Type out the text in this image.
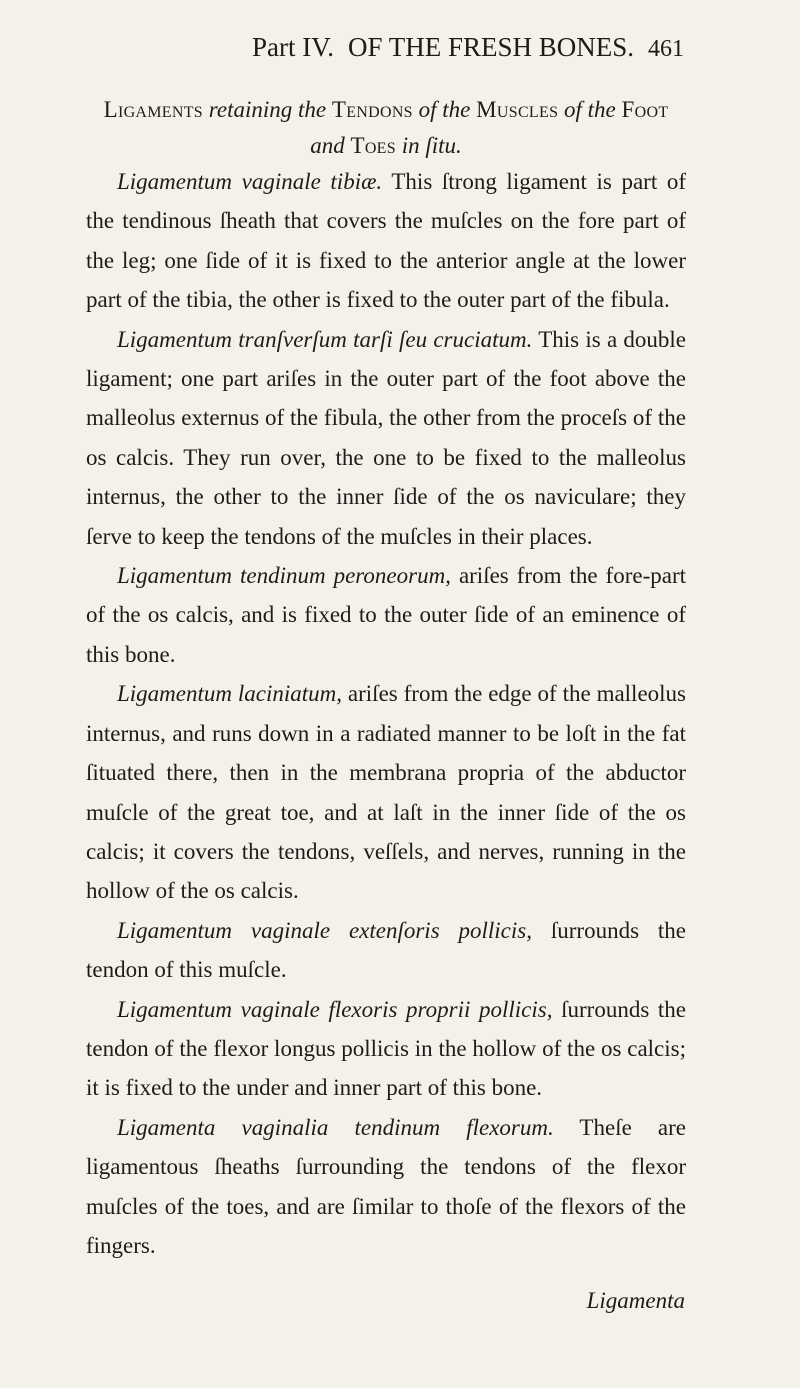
Part IV. OF THE FRESH BONES. 461
Ligaments retaining the Tendons of the Muscles of the Foot and Toes in ſitu.

Ligamentum vaginale tibiæ. This ſtrong ligament is part of the tendinous ſheath that covers the muſcles on the fore part of the leg; one ſide of it is fixed to the anterior angle at the lower part of the tibia, the other is fixed to the outer part of the fibula.

Ligamentum tranſverſum tarſi ſeu cruciatum. This is a double ligament; one part ariſes in the outer part of the foot above the malleolus externus of the fibula, the other from the proceſs of the os calcis. They run over, the one to be fixed to the malleolus internus, the other to the inner ſide of the os naviculare; they ſerve to keep the tendons of the muſcles in their places.

Ligamentum tendinum peroneorum, ariſes from the fore-part of the os calcis, and is fixed to the outer ſide of an eminence of this bone.

Ligamentum laciniatum, ariſes from the edge of the malleolus internus, and runs down in a radiated manner to be loſt in the fat ſituated there, then in the membrana propria of the abductor muſcle of the great toe, and at laſt in the inner ſide of the os calcis; it covers the tendons, veſſels, and nerves, running in the hollow of the os calcis.

Ligamentum vaginale extenſoris pollicis, ſurrounds the tendon of this muſcle.

Ligamentum vaginale flexoris proprii pollicis, ſurrounds the tendon of the flexor longus pollicis in the hollow of the os calcis; it is fixed to the under and inner part of this bone.

Ligamenta vaginalia tendinum flexorum. Theſe are ligamentous ſheaths ſurrounding the tendons of the flexor muſcles of the toes, and are ſimilar to thoſe of the flexors of the fingers.

Ligamenta
